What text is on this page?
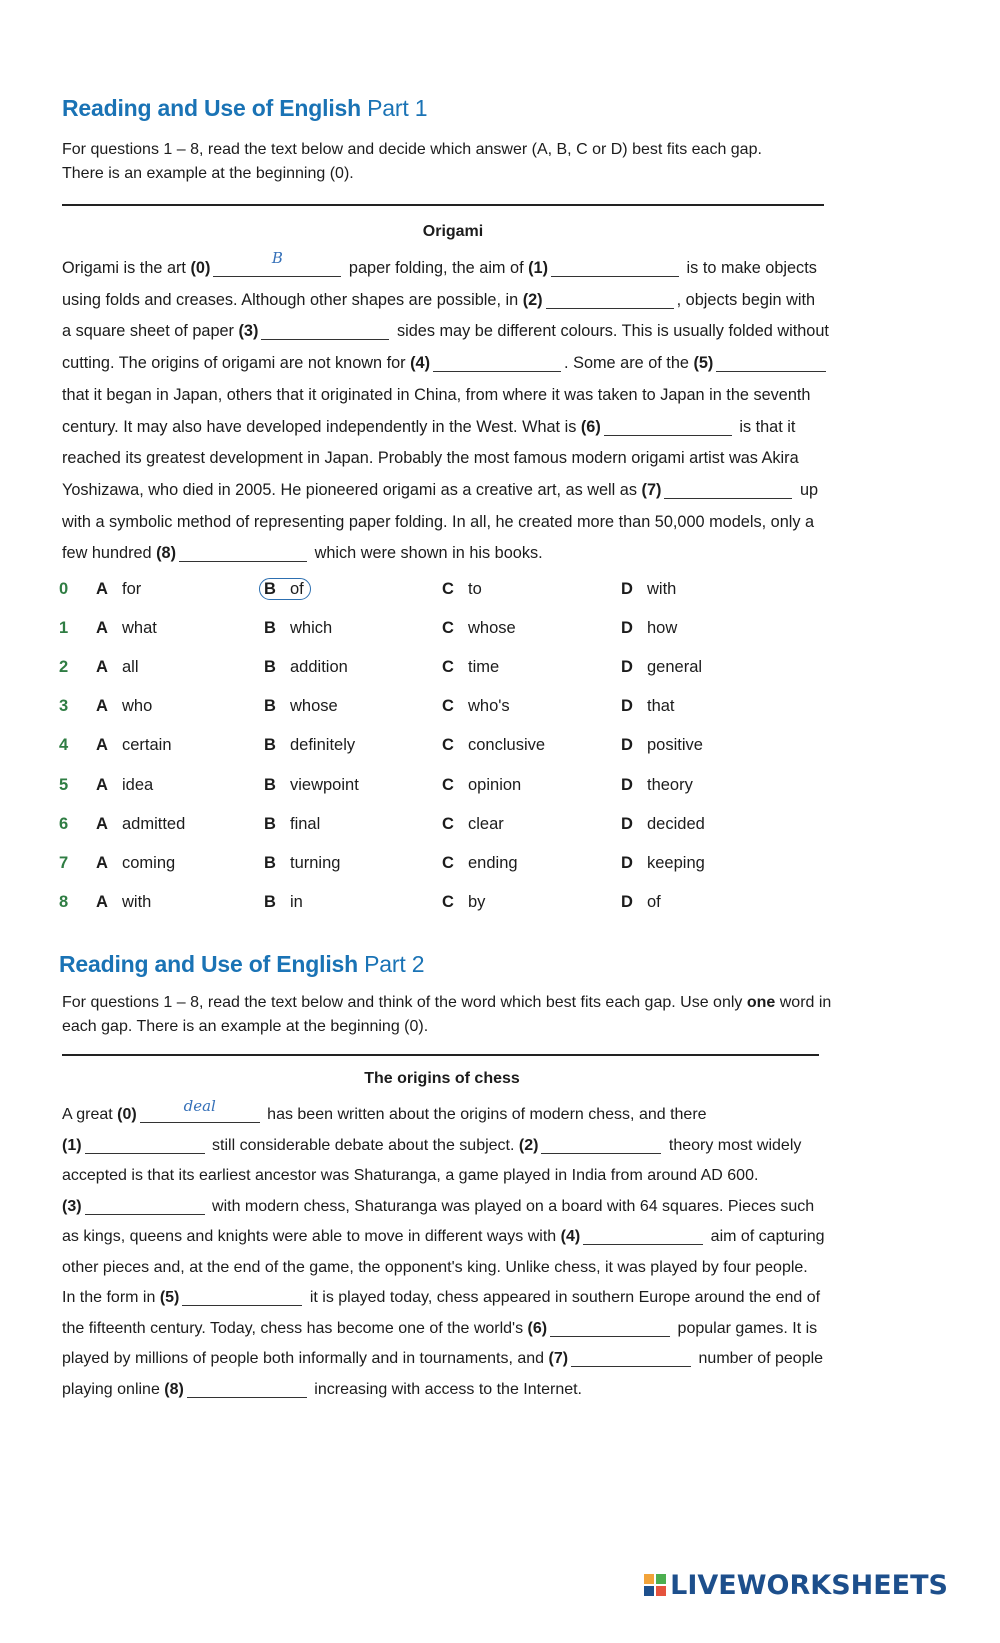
Reading and Use of English Part 1
For questions 1 – 8, read the text below and decide which answer (A, B, C or D) best fits each gap.
There is an example at the beginning (0).
Origami
Origami is the art (0)
B
paper folding, the aim of (1)	is to make objects
using folds and creases. Although other shapes are possible, in (2)	, objects begin with
a square sheet of paper (3)	sides may be different colours. This is usually folded without
cutting. The origins of origami are not known for (4)	. Some are of the (5)
that it began in Japan, others that it originated in China, from where it was taken to Japan in the seventh
century. It may also have developed independently in the West. What is (6)	is that it
reached its greatest development in Japan. Probably the most famous modern origami artist was Akira
Yoshizawa, who died in 2005. He pioneered origami as a creative art, as well as (7)	up
with a symbolic method of representing paper folding. In all, he created more than 50,000 models, only a
few hundred (8)	which were shown in his books.
0 A for	B of	C to	D with
1 A what	B which	C whose	D how
2 A all	B addition	C time	D general
3 A who	B whose	C who's	D that
4 A certain	B definitely	C conclusive	D positive
5 A idea	B viewpoint	C opinion	D theory
6 A admitted	B final	C clear	D decided
7 A coming	B turning	C ending	D keeping
8 A with	B in	C by	D of
Reading and Use of English Part 2
For questions 1 – 8, read the text below and think of the word which best fits each gap. Use only one word in
each gap. There is an example at the beginning (0).
The origins of chess
A great (0)	deal	has been written about the origins of modern chess, and there
(1)	still considerable debate about the subject. (2)	theory most widely
accepted is that its earliest ancestor was Shaturanga, a game played in India from around AD 600.
(3)	with modern chess, Shaturanga was played on a board with 64 squares. Pieces such
as kings, queens and knights were able to move in different ways with (4)	aim of capturing
other pieces and, at the end of the game, the opponent's king. Unlike chess, it was played by four people.
In the form in (5)	it is played today, chess appeared in southern Europe around the end of
the fifteenth century. Today, chess has become one of the world's (6)	popular games. It is
played by millions of people both informally and in tournaments, and (7)	number of people
playing online (8)	increasing with access to the Internet.
LIVEWORKSHEETS
